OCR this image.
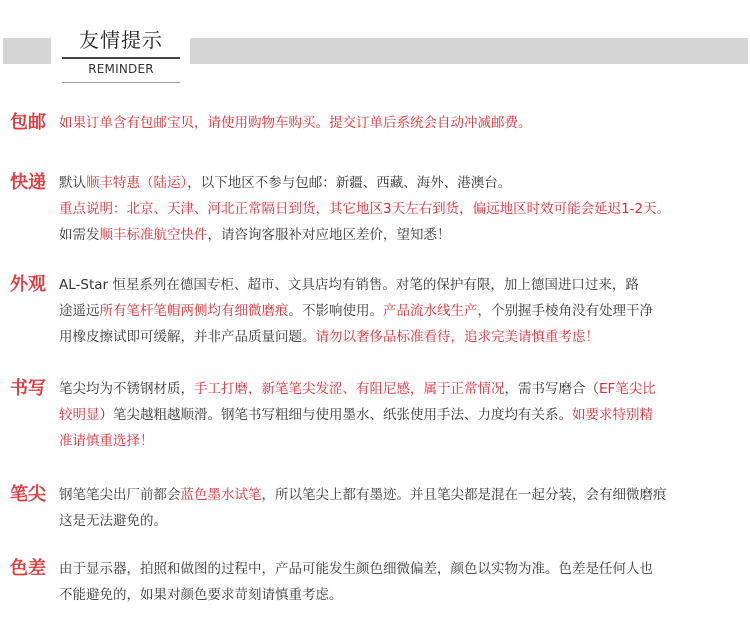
友情提示
REMINDER
包邮 如果订单含有包邮宝贝，请使用购物车购买。提交订单后系统会自动冲减邮费。
快递 默认顺丰特惠（陆运），以下地区不参与包邮：新疆、西藏、海外、港澳台。
重点说明：北京、天津、河北正常隔日到货，其它地区3天左右到货，偏远地区时效可能会延迟1-2天。
如需发顺丰标准航空快件，请咨询客服补对应地区差价，望知悉！
外观 AL-Star 恒星系列在德国专柜、超市、文具店均有销售。对笔的保护有限，加上德国进口过来，路
途遥远所有笔杆笔帽两侧均有细微磨痕。不影响使用。产品流水线生产，个别握手棱角没有处理干净
用橡皮擦试即可缓解，并非产品质量问题。请勿以奢侈品标准看待，追求完美请慎重考虑！
书写 笔尖均为不锈钢材质，手工打磨，新笔笔尖发涩、有阻尼感，属于正常情况，需书写磨合（EF笔尖比
较明显）笔尖越粗越顺滑。钢笔书写粗细与使用墨水、纸张使用手法、力度均有关系。如要求特别精
准请慎重选择！
笔尖 钢笔笔尖出厂前都会蓝色墨水试笔，所以笔尖上都有墨迹。并且笔尖都是混在一起分装，会有细微磨痕
这是无法避免的。
色差 由于显示器，拍照和做图的过程中，产品可能发生颜色细微偏差，颜色以实物为准。色差是任何人也
不能避免的，如果对颜色要求苛刻请慎重考虑。
